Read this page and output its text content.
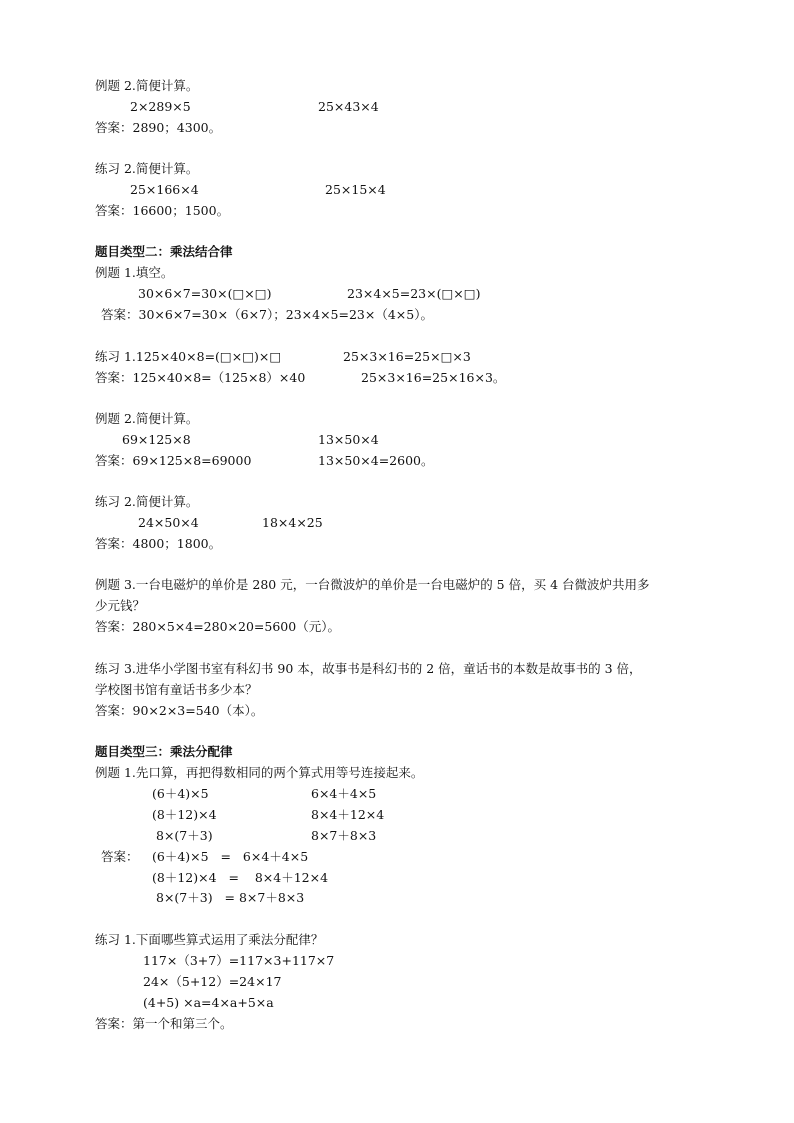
例题 2.简便计算。
2×289×5	25×43×4
答案：2890；4300。
练习 2.简便计算。
25×166×4	25×15×4
答案：16600；1500。
题目类型二：乘法结合律
例题 1.填空。
30×6×7=30×(□×□)	23×4×5=23×(□×□)
答案：30×6×7=30×（6×7）；23×4×5=23×（4×5）。
练习 1.125×40×8=(□×□)×□	25×3×16=25×□×3
答案：125×40×8=（125×8）×40	25×3×16=25×16×3。
例题 2.简便计算。
69×125×8	13×50×4
答案：69×125×8=69000	13×50×4=2600。
练习 2.简便计算。
24×50×4	18×4×25
答案：4800；1800。
例题 3.一台电磁炉的单价是 280 元，一台微波炉的单价是一台电磁炉的 5 倍，买 4 台微波炉共用多
少元钱？
答案：280×5×4=280×20=5600（元）。
练习 3.进华小学图书室有科幻书 90 本，故事书是科幻书的 2 倍，童话书的本数是故事书的 3 倍，
学校图书馆有童话书多少本？
答案：90×2×3=540（本）。
题目类型三：乘法分配律
例题 1.先口算，再把得数相同的两个算式用等号连接起来。
(6＋4)×5	6×4＋4×5
(8＋12)×4	8×4＋12×4
8×(7＋3)	8×7＋8×3
答案： (6＋4)×5   =   6×4＋4×5
(8＋12)×4   =    8×4＋12×4
8×(7＋3)   = 8×7＋8×3
练习 1.下面哪些算式运用了乘法分配律？
117×（3+7）=117×3+117×7
24×（5+12）=24×17
(4+5) ×a=4×a+5×a
答案：第一个和第三个。
